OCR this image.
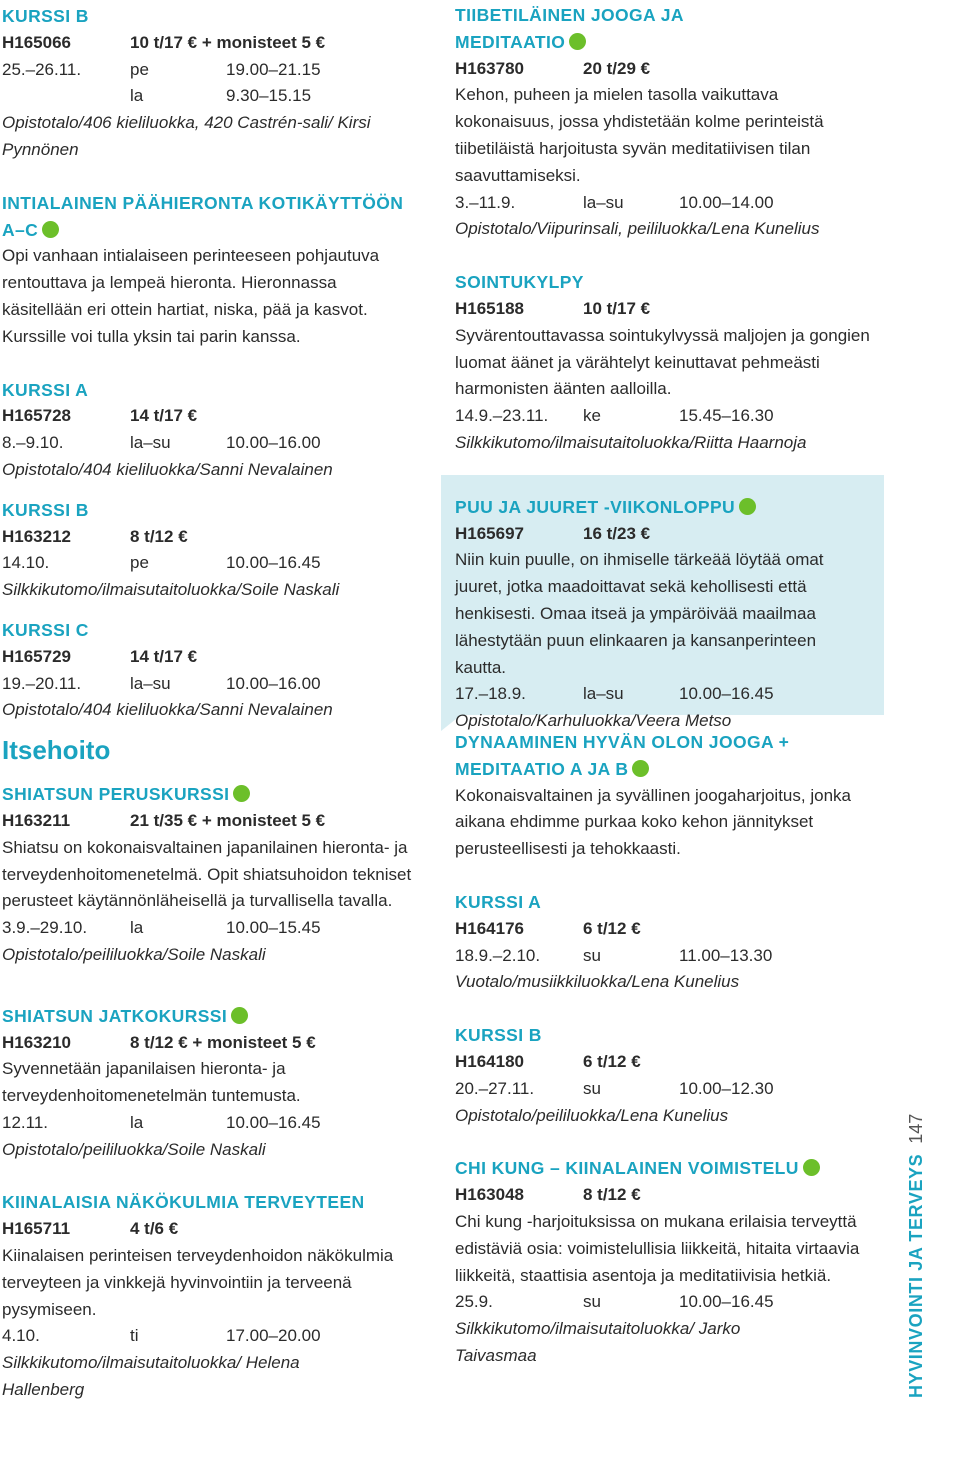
KURSSI B
H165066	10 t/17 € + monisteet 5 €
25.–26.11.	pe	19.00–21.15
la	9.30–15.15
Opistotalo/406 kieliluokka, 420 Castrén-sali/ Kirsi Pynnönen
INTIALAINEN PÄÄHIERONTA KOTIKÄYTTÖÖN A–C
Opi vanhaan intialaiseen perinteeseen pohjautuva rentouttava ja lempeä hieronta. Hieronnassa käsitellään eri ottein hartiat, niska, pää ja kasvot. Kurssille voi tulla yksin tai parin kanssa.
KURSSI A
H165728	14 t/17 €
8.–9.10.	la–su	10.00–16.00
Opistotalo/404 kieliluokka/Sanni Nevalainen
KURSSI B
H163212	8 t/12 €
14.10.	pe	10.00–16.45
Silkkikutomo/ilmaisutaitoluokka/Soile Naskali
KURSSI C
H165729	14 t/17 €
19.–20.11.	la–su	10.00–16.00
Opistotalo/404 kieliluokka/Sanni Nevalainen
Itsehoito
SHIATSUN PERUSKURSSI
H163211	21 t/35 € + monisteet 5 €
Shiatsu on kokonaisvaltainen japanilainen hieronta- ja terveydenhoitomenetelmä. Opit shiatsuhoidon tekniset perusteet käytännönläheisellä ja turvallisella tavalla.
3.9.–29.10.	la	10.00–15.45
Opistotalo/peililuokka/Soile Naskali
SHIATSUN JATKOKURSSI
H163210	8 t/12 € + monisteet 5 €
Syvennetään japanilaisen hieronta- ja terveydenhoitomenetelmän tuntemusta.
12.11.	la	10.00–16.45
Opistotalo/peililuokka/Soile Naskali
KIINALAISIA NÄKÖKULMIA TERVEYTEEN
H165711	4 t/6 €
Kiinalaisen perinteisen terveydenhoidon näkökulmia terveyteen ja vinkkejä hyvinvointiin ja terveenä pysymiseen.
4.10.	ti	17.00–20.00
Silkkikutomo/ilmaisutaitoluokka/ Helena Hallenberg
TIIBETILÄINEN JOOGA JA MEDITAATIO
H163780	20 t/29 €
Kehon, puheen ja mielen tasolla vaikuttava kokonaisuus, jossa yhdistetään kolme perinteistä tiibetiläistä harjoitusta syvän meditatiivisen tilan saavuttamiseksi.
3.–11.9.	la–su	10.00–14.00
Opistotalo/Viipurinsali, peililuokka/Lena Kunelius
SOINTUKYLPY
H165188	10 t/17 €
Syvärentouttavassa sointukylvyssä maljojen ja gongien luomat äänet ja värähtelyt keinuttavat pehmeästi harmonisten äänten aalloilla.
14.9.–23.11. ke	15.45–16.30
Silkkikutomo/ilmaisutaitoluokka/Riitta Haarnoja
PUU JA JUURET -VIIKONLOPPU
H165697	16 t/23 €
Niin kuin puulle, on ihmiselle tärkeää löytää omat juuret, jotka maadoittavat sekä kehollisesti että henkisesti. Omaa itseä ja ympäröivää maailmaa lähestytään puun elinkaaren ja kansanperinteen kautta.
17.–18.9.	la–su	10.00–16.45
Opistotalo/Karhuluokka/Veera Metso
DYNAAMINEN HYVÄN OLON JOOGA + MEDITAATIO A JA B
Kokonaisvaltainen ja syvällinen joogaharjoitus, jonka aikana ehdimme purkaa koko kehon jännitykset perusteellisesti ja tehokkaasti.
KURSSI A
H164176	6 t/12 €
18.9.–2.10.	su	11.00–13.30
Vuotalo/musiikkiluokka/Lena Kunelius
KURSSI B
H164180	6 t/12 €
20.–27.11.	su	10.00–12.30
Opistotalo/peililuokka/Lena Kunelius
CHI KUNG – KIINALAINEN VOIMISTELU
H163048	8 t/12 €
Chi kung -harjoituksissa on mukana erilaisia terveyttä edistäviä osia: voimistelullisia liikkeitä, hitaita virtaavia liikkeitä, staattisia asentoja ja meditatiivisia hetkiä.
25.9.	su	10.00–16.45
Silkkikutomo/ilmaisutaitoluokka/ Jarko Taivasmaa	HYVINVOINTI JA TERVEYS147
